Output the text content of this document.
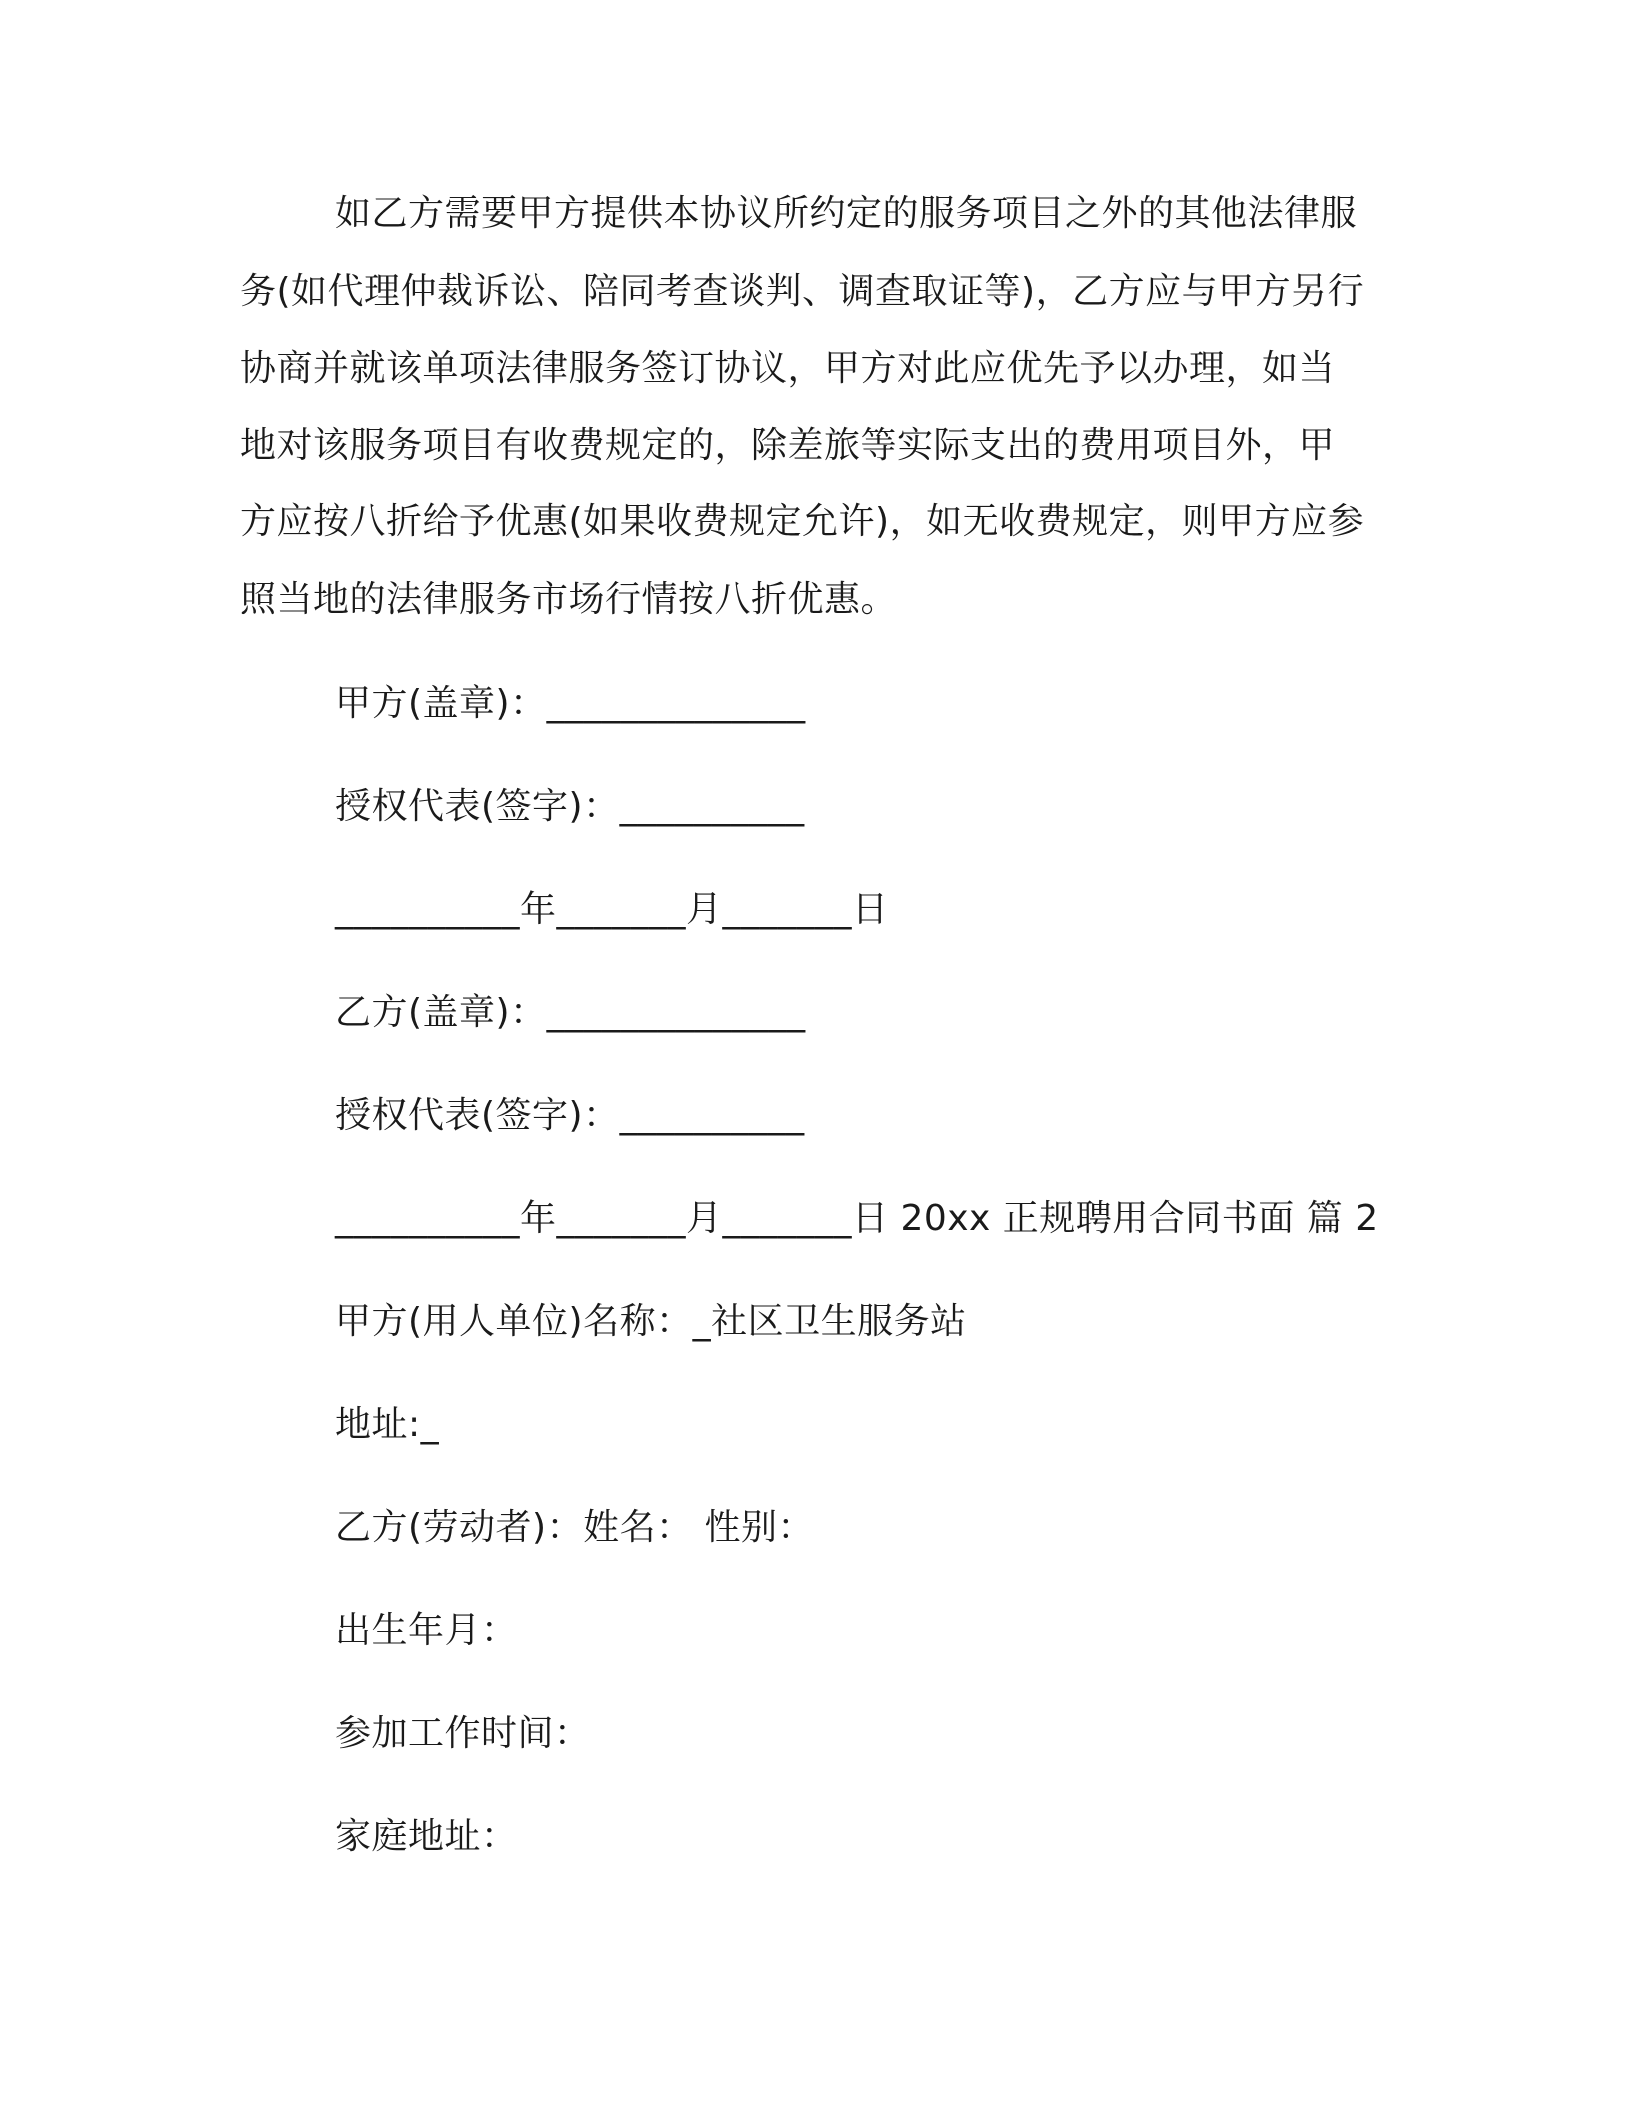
如乙方需要甲方提供本协议所约定的服务项目之外的其他法律服
务(如代理仲裁诉讼、陪同考查谈判、调查取证等)，乙方应与甲方另行
协商并就该单项法律服务签订协议，甲方对此应优先予以办理，如当
地对该服务项目有收费规定的，除差旅等实际支出的费用项目外，甲
方应按八折给予优惠(如果收费规定允许)，如无收费规定，则甲方应参
照当地的法律服务市场行情按八折优惠。
甲方(盖章)：______________
授权代表(签字)：__________
__________年_______月_______日
乙方(盖章)：______________
授权代表(签字)：__________
__________年_______月_______日 20xx 正规聘用合同书面 篇 2
甲方(用人单位)名称：_社区卫生服务站
地址:_
乙方(劳动者)：姓名： 性别：
出生年月：
参加工作时间：
家庭地址：
